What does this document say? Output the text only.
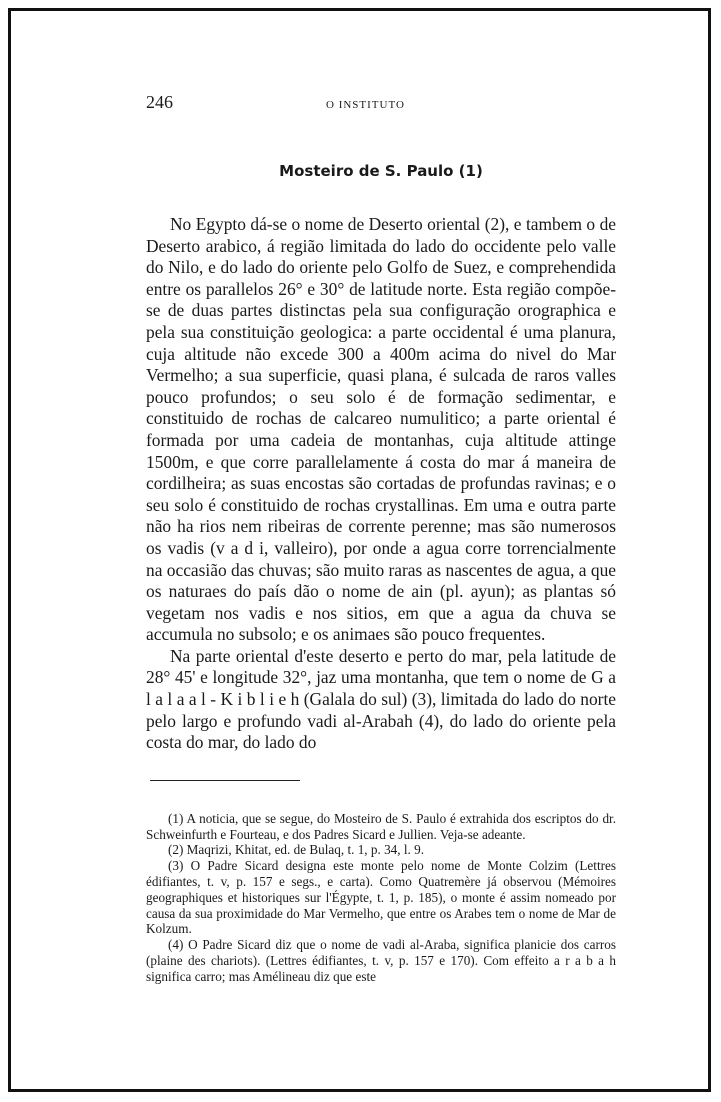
246	O INSTITUTO
Mosteiro de S. Paulo (1)

No Egypto dá-se o nome de Deserto oriental (2), e tambem o de Deserto arabico, á região limitada do lado do occidente pelo valle do Nilo, e do lado do oriente pelo Golfo de Suez, e comprehendida entre os parallelos 26° e 30° de latitude norte. Esta região compõe-se de duas partes distinctas pela sua configuração orographica e pela sua constituição geologica: a parte occidental é uma planura, cuja altitude não excede 300 a 400m acima do nivel do Mar Vermelho; a sua superficie, quasi plana, é sulcada de raros valles pouco profundos; o seu solo é de formação sedimentar, e constituido de rochas de calcareo numulitico; a parte oriental é formada por uma cadeia de montanhas, cuja altitude attinge 1500m, e que corre parallelamente á costa do mar á maneira de cordilheira; as suas encostas são cortadas de profundas ravinas; e o seu solo é constituido de rochas crystallinas. Em uma e outra parte não ha rios nem ribeiras de corrente perenne; mas são numerosos os vadis (v a d i, valleiro), por onde a agua corre torrencialmente na occasião das chuvas; são muito raras as nascentes de agua, a que os naturaes do país dão o nome de ain (pl. ayun); as plantas só vegetam nos vadis e nos sitios, em que a agua da chuva se accumula no subsolo; e os animaes são pouco frequentes.

Na parte oriental d'este deserto e perto do mar, pela latitude de 28° 45' e longitude 32°, jaz uma montanha, que tem o nome de G a l a l a a l - K i b l i e h (Galala do sul) (3), limitada do lado do norte pelo largo e profundo vadi al-Arabah (4), do lado do oriente pela costa do mar, do lado do

(1) A noticia, que se segue, do Mosteiro de S. Paulo é extrahida dos escriptos do dr. Schweinfurth e Fourteau, e dos Padres Sicard e Jullien. Veja-se adeante.

(2) Maqrizi, Khitat, ed. de Bulaq, t. 1, p. 34, l. 9.

(3) O Padre Sicard designa este monte pelo nome de Monte Colzim (Lettres édifiantes, t. v, p. 157 e segs., e carta). Como Quatremère já observou (Mémoires geographiques et historiques sur l'Égypte, t. 1, p. 185), o monte é assim nomeado por causa da sua proximidade do Mar Vermelho, que entre os Arabes tem o nome de Mar de Kolzum.

(4) O Padre Sicard diz que o nome de vadi al-Araba, significa planicie dos carros (plaine des chariots). (Lettres édifiantes, t. v, p. 157 e 170). Com effeito a r a b a h significa carro; mas Amélineau diz que este
